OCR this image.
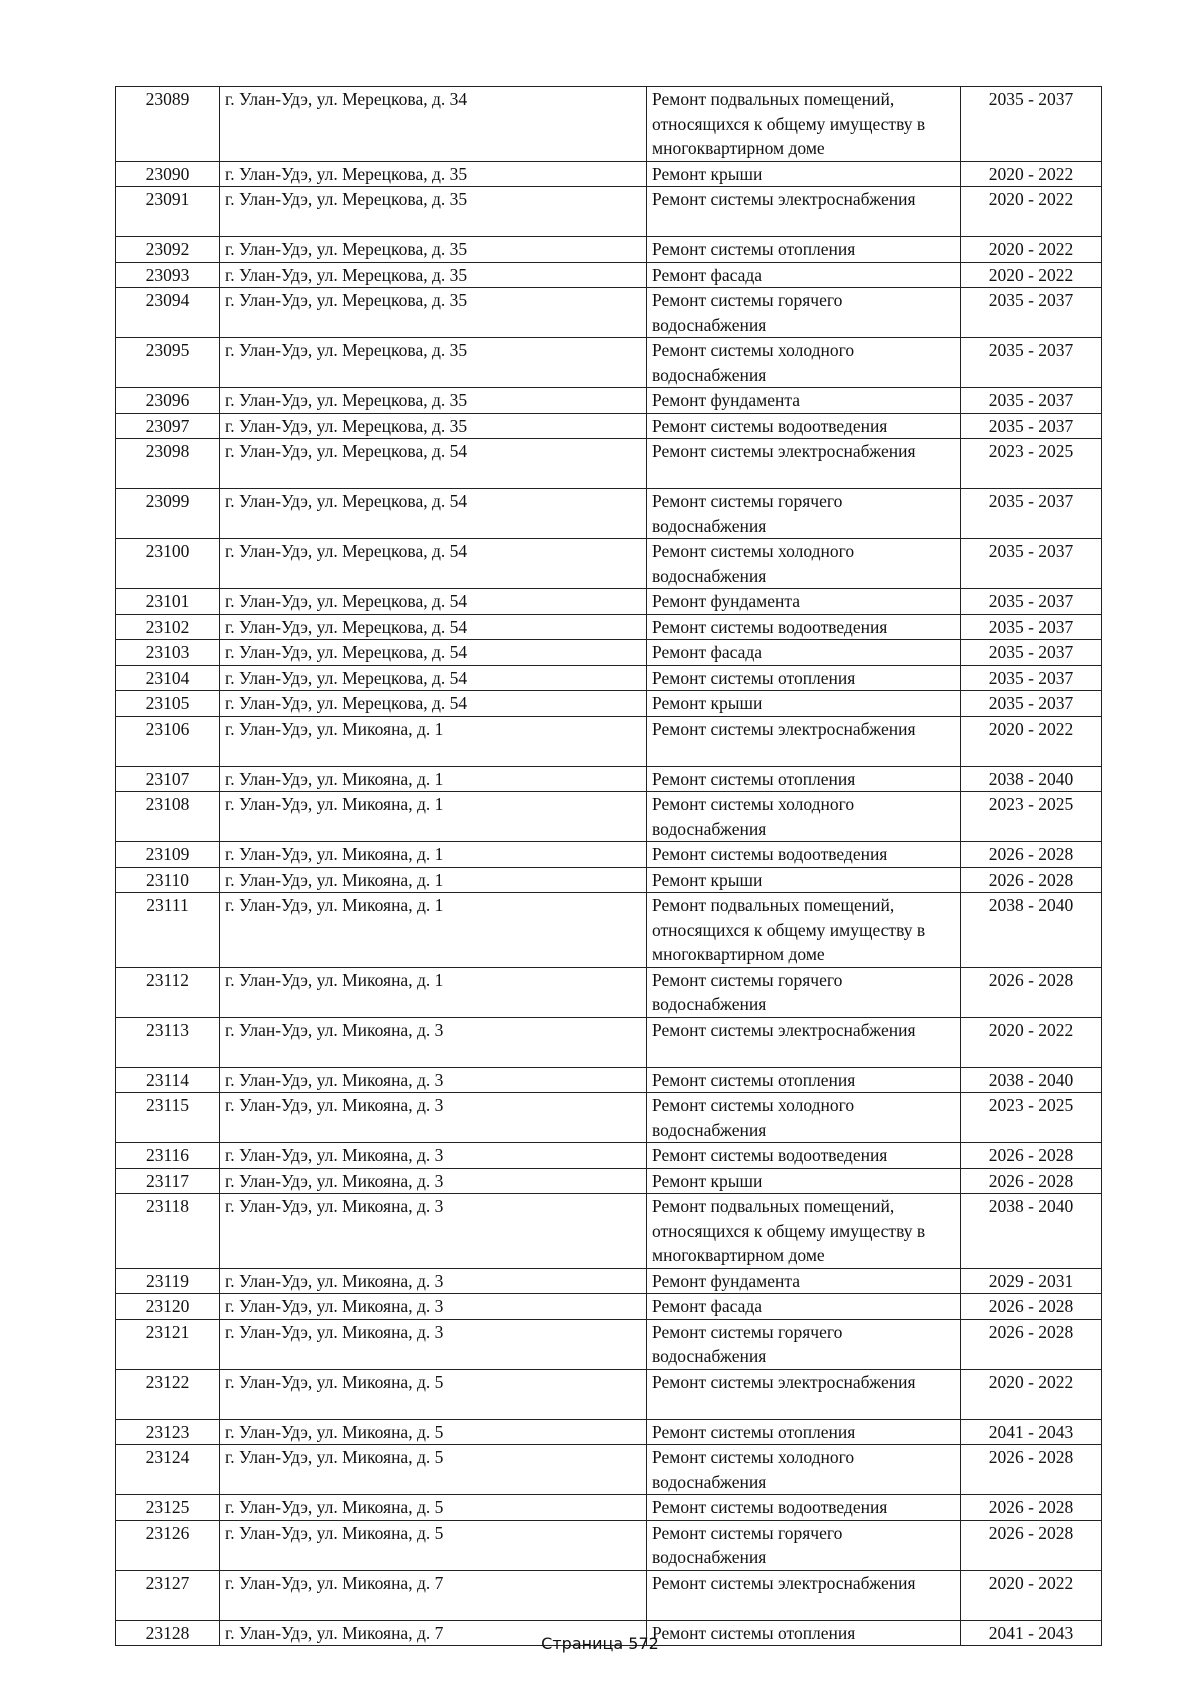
23089	г. Улан-Удэ, ул. Мерецкова, д. 34	Ремонт подвальных помещений, относящихся к общему имуществу в многоквартирном доме	2035 - 2037
23090	г. Улан-Удэ, ул. Мерецкова, д. 35	Ремонт крыши	2020 - 2022
23091	г. Улан-Удэ, ул. Мерецкова, д. 35	Ремонт системы электроснабжения	2020 - 2022
23092	г. Улан-Удэ, ул. Мерецкова, д. 35	Ремонт системы отопления	2020 - 2022
23093	г. Улан-Удэ, ул. Мерецкова, д. 35	Ремонт фасада	2020 - 2022
23094	г. Улан-Удэ, ул. Мерецкова, д. 35	Ремонт системы горячего водоснабжения	2035 - 2037
23095	г. Улан-Удэ, ул. Мерецкова, д. 35	Ремонт системы холодного водоснабжения	2035 - 2037
23096	г. Улан-Удэ, ул. Мерецкова, д. 35	Ремонт фундамента	2035 - 2037
23097	г. Улан-Удэ, ул. Мерецкова, д. 35	Ремонт системы водоотведения	2035 - 2037
23098	г. Улан-Удэ, ул. Мерецкова, д. 54	Ремонт системы электроснабжения	2023 - 2025
23099	г. Улан-Удэ, ул. Мерецкова, д. 54	Ремонт системы горячего водоснабжения	2035 - 2037
23100	г. Улан-Удэ, ул. Мерецкова, д. 54	Ремонт системы холодного водоснабжения	2035 - 2037
23101	г. Улан-Удэ, ул. Мерецкова, д. 54	Ремонт фундамента	2035 - 2037
23102	г. Улан-Удэ, ул. Мерецкова, д. 54	Ремонт системы водоотведения	2035 - 2037
23103	г. Улан-Удэ, ул. Мерецкова, д. 54	Ремонт фасада	2035 - 2037
23104	г. Улан-Удэ, ул. Мерецкова, д. 54	Ремонт системы отопления	2035 - 2037
23105	г. Улан-Удэ, ул. Мерецкова, д. 54	Ремонт крыши	2035 - 2037
23106	г. Улан-Удэ, ул. Микояна, д. 1	Ремонт системы электроснабжения	2020 - 2022
23107	г. Улан-Удэ, ул. Микояна, д. 1	Ремонт системы отопления	2038 - 2040
23108	г. Улан-Удэ, ул. Микояна, д. 1	Ремонт системы холодного водоснабжения	2023 - 2025
23109	г. Улан-Удэ, ул. Микояна, д. 1	Ремонт системы водоотведения	2026 - 2028
23110	г. Улан-Удэ, ул. Микояна, д. 1	Ремонт крыши	2026 - 2028
23111	г. Улан-Удэ, ул. Микояна, д. 1	Ремонт подвальных помещений, относящихся к общему имуществу в многоквартирном доме	2038 - 2040
23112	г. Улан-Удэ, ул. Микояна, д. 1	Ремонт системы горячего водоснабжения	2026 - 2028
23113	г. Улан-Удэ, ул. Микояна, д. 3	Ремонт системы электроснабжения	2020 - 2022
23114	г. Улан-Удэ, ул. Микояна, д. 3	Ремонт системы отопления	2038 - 2040
23115	г. Улан-Удэ, ул. Микояна, д. 3	Ремонт системы холодного водоснабжения	2023 - 2025
23116	г. Улан-Удэ, ул. Микояна, д. 3	Ремонт системы водоотведения	2026 - 2028
23117	г. Улан-Удэ, ул. Микояна, д. 3	Ремонт крыши	2026 - 2028
23118	г. Улан-Удэ, ул. Микояна, д. 3	Ремонт подвальных помещений, относящихся к общему имуществу в многоквартирном доме	2038 - 2040
23119	г. Улан-Удэ, ул. Микояна, д. 3	Ремонт фундамента	2029 - 2031
23120	г. Улан-Удэ, ул. Микояна, д. 3	Ремонт фасада	2026 - 2028
23121	г. Улан-Удэ, ул. Микояна, д. 3	Ремонт системы горячего водоснабжения	2026 - 2028
23122	г. Улан-Удэ, ул. Микояна, д. 5	Ремонт системы электроснабжения	2020 - 2022
23123	г. Улан-Удэ, ул. Микояна, д. 5	Ремонт системы отопления	2041 - 2043
23124	г. Улан-Удэ, ул. Микояна, д. 5	Ремонт системы холодного водоснабжения	2026 - 2028
23125	г. Улан-Удэ, ул. Микояна, д. 5	Ремонт системы водоотведения	2026 - 2028
23126	г. Улан-Удэ, ул. Микояна, д. 5	Ремонт системы горячего водоснабжения	2026 - 2028
23127	г. Улан-Удэ, ул. Микояна, д. 7	Ремонт системы электроснабжения	2020 - 2022
23128	г. Улан-Удэ, ул. Микояна, д. 7	Ремонт системы отопления	2041 - 2043
Страница 572
